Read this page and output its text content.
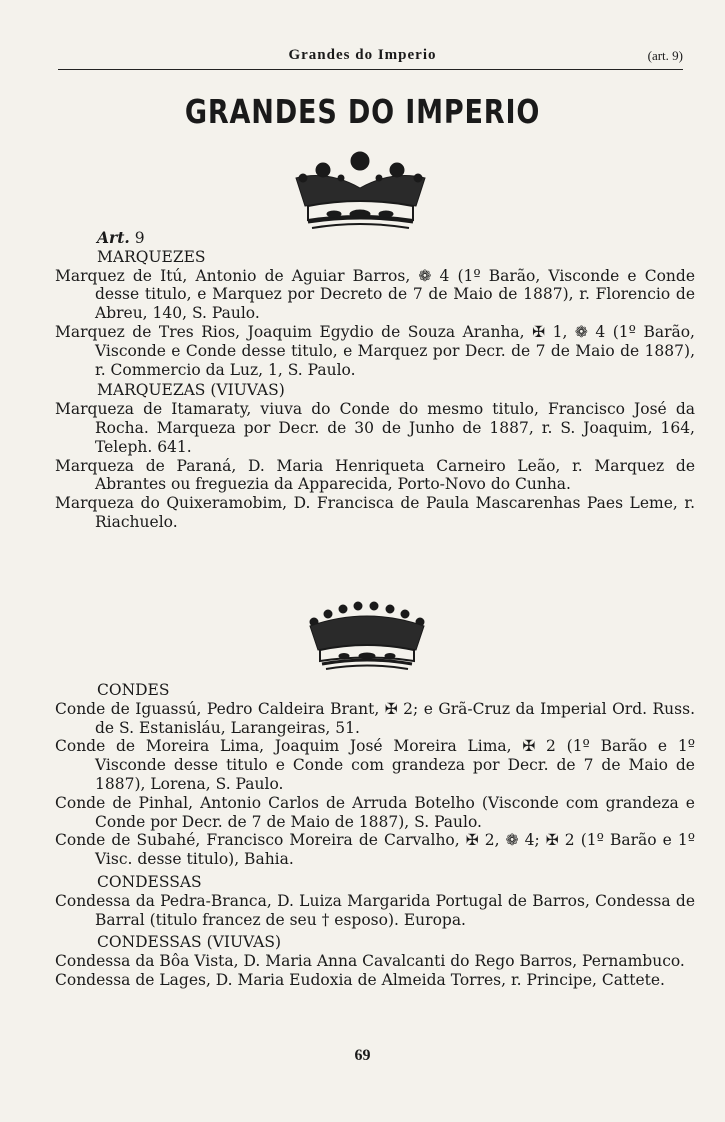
Grandes do Imperio	(art. 9)
GRANDES DO IMPERIO
Art. 9
MARQUEZES
Marquez de Itú, Antonio de Aguiar Barros, ❁ 4 (1º Barão, Visconde e Conde desse titulo, e Marquez por Decreto de 7 de Maio de 1887), r. Florencio de Abreu, 140, S. Paulo.
Marquez de Tres Rios, Joaquim Egydio de Souza Aranha, ✠ 1, ❁ 4 (1º Barão, Visconde e Conde desse titulo, e Marquez por Decr. de 7 de Maio de 1887), r. Commercio da Luz, 1, S. Paulo.
MARQUEZAS (VIUVAS)
Marqueza de Itamaraty, viuva do Conde do mesmo titulo, Francisco José da Rocha. Marqueza por Decr. de 30 de Junho de 1887, r. S. Joaquim, 164, Teleph. 641.
Marqueza de Paraná, D. Maria Henriqueta Carneiro Leão, r. Marquez de Abrantes ou freguezia da Apparecida, Porto-Novo do Cunha.
Marqueza do Quixeramobim, D. Francisca de Paula Mascarenhas Paes Leme, r. Riachuelo.
CONDES
Conde de Iguassú, Pedro Caldeira Brant, ✠ 2; e Grã-Cruz da Imperial Ord. Russ. de S. Estanisláu, Larangeiras, 51.
Conde de Moreira Lima, Joaquim José Moreira Lima, ✠ 2 (1º Barão e 1º Visconde desse titulo e Conde com grandeza por Decr. de 7 de Maio de 1887), Lorena, S. Paulo.
Conde de Pinhal, Antonio Carlos de Arruda Botelho (Visconde com grandeza e Conde por Decr. de 7 de Maio de 1887), S. Paulo.
Conde de Subahé, Francisco Moreira de Carvalho, ✠ 2, ❁ 4; ✠ 2 (1º Barão e 1º Visc. desse titulo), Bahia.
CONDESSAS
Condessa da Pedra-Branca, D. Luiza Margarida Portugal de Barros, Condessa de Barral (titulo francez de seu † esposo). Europa.
CONDESSAS (VIUVAS)
Condessa da Bôa Vista, D. Maria Anna Cavalcanti do Rego Barros, Pernambuco.
Condessa de Lages, D. Maria Eudoxia de Almeida Torres, r. Principe, Cattete.
69
